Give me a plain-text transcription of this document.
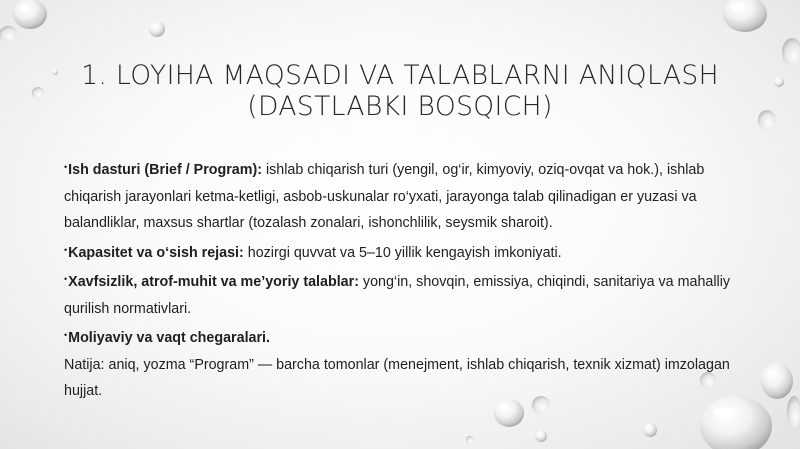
1. LOYIHA MAQSADI VA TALABLARNI ANIQLASH
(DASTLABKI BOSQICH)

•Ish dasturi (Brief / Program): ishlab chiqarish turi (yengil, og‘ir, kimyoviy, oziq-ovqat va hok.), ishlab chiqarish jarayonlari ketma-ketligi, asbob-uskunalar ro‘yxati, jarayonga talab qilinadigan er yuzasi va balandliklar, maxsus shartlar (tozalash zonalari, ishonchlilik, seysmik sharoit).

•Kapasitet va o‘sish rejasi: hozirgi quvvat va 5–10 yillik kengayish imkoniyati.

•Xavfsizlik, atrof-muhit va me’yoriy talablar: yong‘in, shovqin, emissiya, chiqindi, sanitariya va mahalliy qurilish normativlari.

•Moliyaviy va vaqt chegaralari.

Natija: aniq, yozma “Program” — barcha tomonlar (menejment, ishlab chiqarish, texnik xizmat) imzolagan hujjat.
